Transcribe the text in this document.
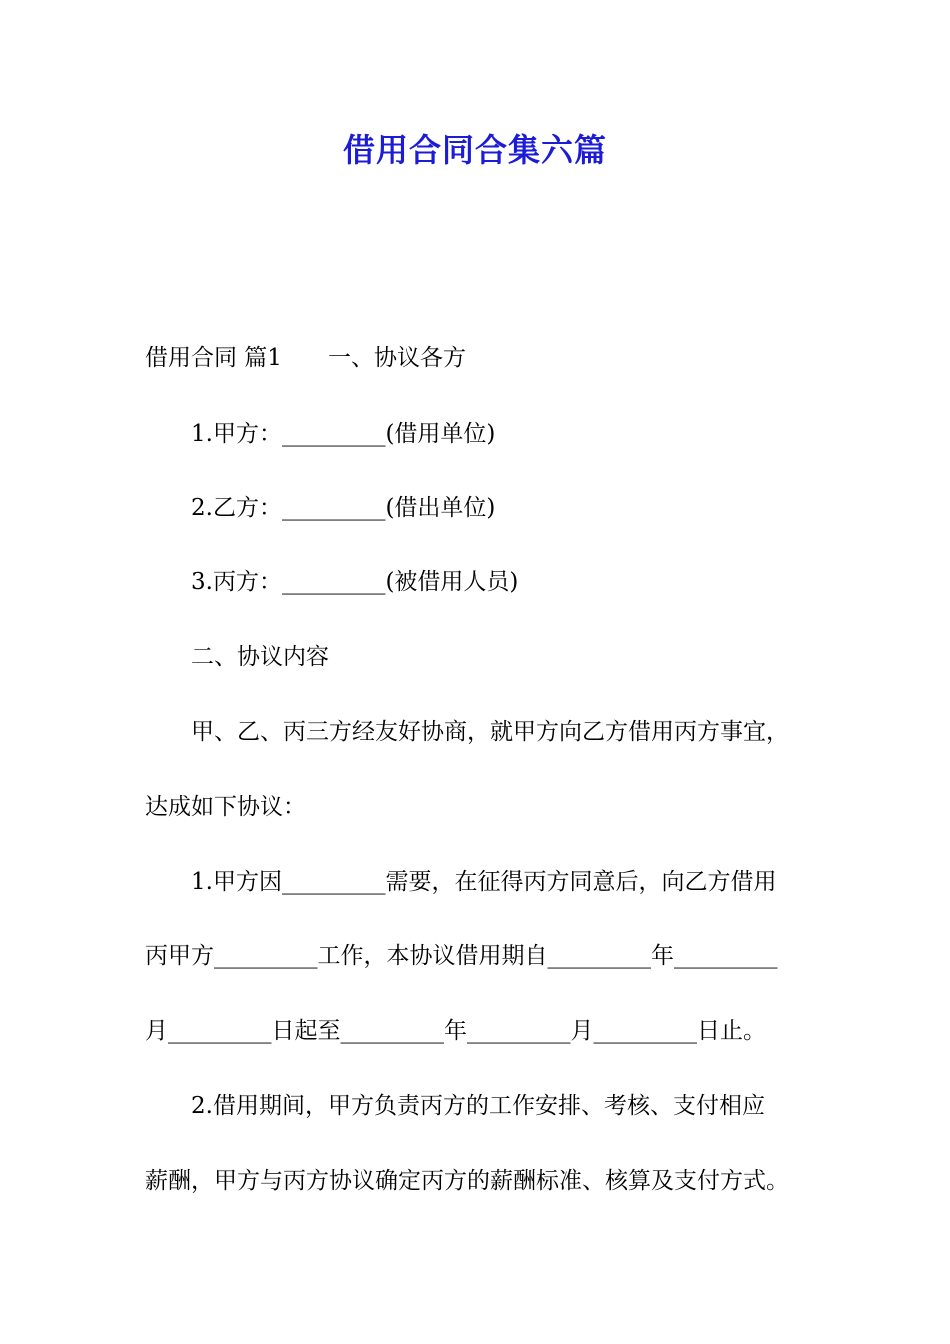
借用合同合集六篇
借用合同 篇1 一、协议各方
1.甲方：_________(借用单位)
2.乙方：_________(借出单位)
3.丙方：_________(被借用人员)
二、协议内容
甲、乙、丙三方经友好协商，就甲方向乙方借用丙方事宜，
达成如下协议：
1.甲方因_________需要，在征得丙方同意后，向乙方借用
丙甲方_________工作，本协议借用期自_________年_________
月_________日起至_________年_________月_________日止。
2.借用期间，甲方负责丙方的工作安排、考核、支付相应
薪酬，甲方与丙方协议确定丙方的薪酬标准、核算及支付方式。
